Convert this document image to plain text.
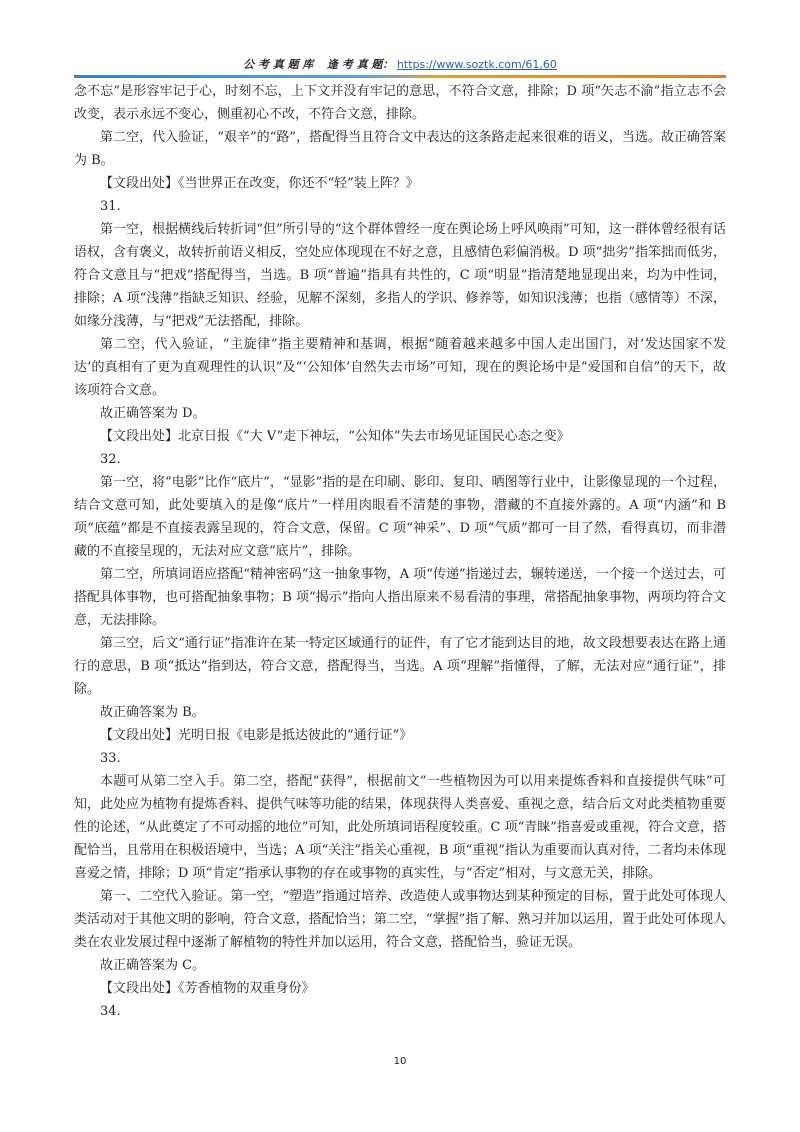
公 考 真 题 库 逢 考 真 题： https://www.soztk.com/61,60

念不忘”是形容牢记于心，时刻不忘，上下文并没有牢记的意思，不符合文意，排除；D 项“矢志不渝”指立志不会改变，表示永远不变心，侧重初心不改，不符合文意，排除。

第二空，代入验证，“艰辛”的“路”，搭配得当且符合文中表达的这条路走起来很难的语义，当选。故正确答案为 B。

【文段出处】《当世界正在改变，你还不“轻”装上阵？》

31.

第一空，根据横线后转折词“但”所引导的“这个群体曾经一度在舆论场上呼风唤雨”可知，这一群体曾经很有话语权，含有褒义，故转折前语义相反，空处应体现现在不好之意，且感情色彩偏消极。D 项“拙劣”指笨拙而低劣，符合文意且与“把戏”搭配得当，当选。B 项“普遍”指具有共性的，C 项“明显”指清楚地显现出来，均为中性词，排除；A 项“浅薄”指缺乏知识、经验，见解不深刻，多指人的学识、修养等，如知识浅薄；也指（感情等）不深，如缘分浅薄，与“把戏”无法搭配，排除。

第二空，代入验证，“主旋律”指主要精神和基调，根据“随着越来越多中国人走出国门，对‘发达国家不发达’的真相有了更为直观理性的认识”及“‘公知体’自然失去市场”可知，现在的舆论场中是“爱国和自信”的天下，故该项符合文意。

故正确答案为 D。

【文段出处】北京日报《“大 V”走下神坛，“公知体”失去市场见证国民心态之变》

32.

第一空，将“电影”比作“底片”，“显影”指的是在印刷、影印、复印、晒图等行业中，让影像显现的一个过程，结合文意可知，此处要填入的是像“底片”一样用肉眼看不清楚的事物，潜藏的不直接外露的。A 项“内涵”和 B 项“底蕴”都是不直接表露呈现的，符合文意，保留。C 项“神采”、D 项“气质”都可一目了然，看得真切，而非潜藏的不直接呈现的，无法对应文意“底片”，排除。

第二空，所填词语应搭配“精神密码”这一抽象事物，A 项“传递”指递过去，辗转递送，一个接一个送过去，可搭配具体事物，也可搭配抽象事物；B 项“揭示”指向人指出原来不易看清的事理，常搭配抽象事物，两项均符合文意，无法排除。

第三空，后文“通行证”指准许在某一特定区域通行的证件，有了它才能到达目的地，故文段想要表达在路上通行的意思，B 项“抵达”指到达，符合文意，搭配得当，当选。A 项“理解”指懂得，了解，无法对应“通行证”，排除。

故正确答案为 B。

【文段出处】光明日报《电影是抵达彼此的“通行证”》

33.

本题可从第二空入手。第二空，搭配“获得”，根据前文“一些植物因为可以用来提炼香料和直接提供气味”可知，此处应为植物有提炼香料、提供气味等功能的结果，体现获得人类喜爱、重视之意，结合后文对此类植物重要性的论述，“从此奠定了不可动摇的地位”可知，此处所填词语程度较重。C 项“青睐”指喜爱或重视，符合文意，搭配恰当，且常用在积极语境中，当选；A 项“关注”指关心重视，B 项“重视”指认为重要而认真对待，二者均未体现喜爱之情，排除；D 项“肯定”指承认事物的存在或事物的真实性，与“否定”相对，与文意无关，排除。

第一、二空代入验证。第一空，“塑造”指通过培养、改造使人或事物达到某种预定的目标，置于此处可体现人类活动对于其他文明的影响，符合文意，搭配恰当；第二空，“掌握”指了解、熟习并加以运用，置于此处可体现人类在农业发展过程中逐渐了解植物的特性并加以运用，符合文意，搭配恰当，验证无误。

故正确答案为 C。

【文段出处】《芳香植物的双重身份》

34.

10
